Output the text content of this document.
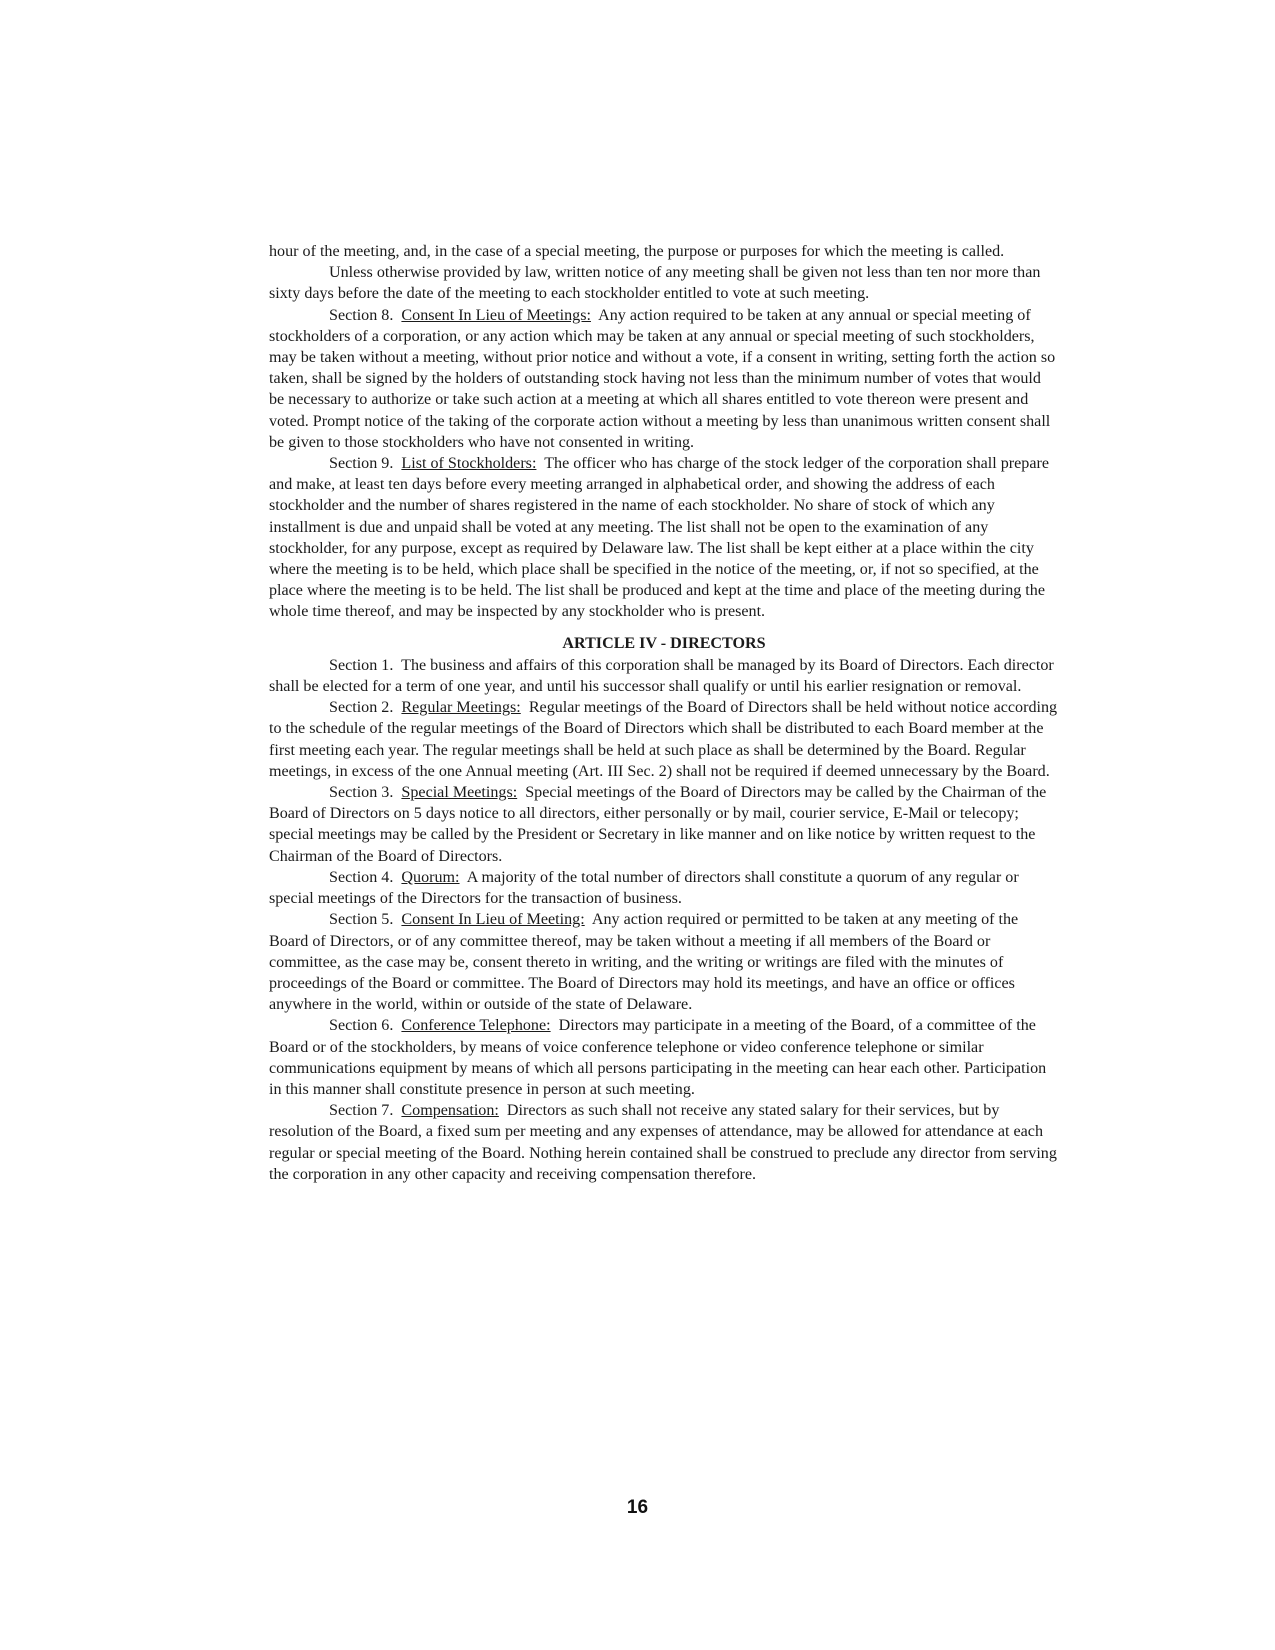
hour of the meeting, and, in the case of a special meeting, the purpose or purposes for which the meeting is called.

Unless otherwise provided by law, written notice of any meeting shall be given not less than ten nor more than sixty days before the date of the meeting to each stockholder entitled to vote at such meeting.

Section 8. Consent In Lieu of Meetings: Any action required to be taken at any annual or special meeting of stockholders of a corporation, or any action which may be taken at any annual or special meeting of such stockholders, may be taken without a meeting, without prior notice and without a vote, if a consent in writing, setting forth the action so taken, shall be signed by the holders of outstanding stock having not less than the minimum number of votes that would be necessary to authorize or take such action at a meeting at which all shares entitled to vote thereon were present and voted. Prompt notice of the taking of the corporate action without a meeting by less than unanimous written consent shall be given to those stockholders who have not consented in writing.

Section 9. List of Stockholders: The officer who has charge of the stock ledger of the corporation shall prepare and make, at least ten days before every meeting arranged in alphabetical order, and showing the address of each stockholder and the number of shares registered in the name of each stockholder. No share of stock of which any installment is due and unpaid shall be voted at any meeting. The list shall not be open to the examination of any stockholder, for any purpose, except as required by Delaware law. The list shall be kept either at a place within the city where the meeting is to be held, which place shall be specified in the notice of the meeting, or, if not so specified, at the place where the meeting is to be held. The list shall be produced and kept at the time and place of the meeting during the whole time thereof, and may be inspected by any stockholder who is present.

ARTICLE IV - DIRECTORS

Section 1. The business and affairs of this corporation shall be managed by its Board of Directors. Each director shall be elected for a term of one year, and until his successor shall qualify or until his earlier resignation or removal.

Section 2. Regular Meetings: Regular meetings of the Board of Directors shall be held without notice according to the schedule of the regular meetings of the Board of Directors which shall be distributed to each Board member at the first meeting each year. The regular meetings shall be held at such place as shall be determined by the Board. Regular meetings, in excess of the one Annual meeting (Art. III Sec. 2) shall not be required if deemed unnecessary by the Board.

Section 3. Special Meetings: Special meetings of the Board of Directors may be called by the Chairman of the Board of Directors on 5 days notice to all directors, either personally or by mail, courier service, E-Mail or telecopy; special meetings may be called by the President or Secretary in like manner and on like notice by written request to the Chairman of the Board of Directors.

Section 4. Quorum: A majority of the total number of directors shall constitute a quorum of any regular or special meetings of the Directors for the transaction of business.

Section 5. Consent In Lieu of Meeting: Any action required or permitted to be taken at any meeting of the Board of Directors, or of any committee thereof, may be taken without a meeting if all members of the Board or committee, as the case may be, consent thereto in writing, and the writing or writings are filed with the minutes of proceedings of the Board or committee. The Board of Directors may hold its meetings, and have an office or offices anywhere in the world, within or outside of the state of Delaware.

Section 6. Conference Telephone: Directors may participate in a meeting of the Board, of a committee of the Board or of the stockholders, by means of voice conference telephone or video conference telephone or similar communications equipment by means of which all persons participating in the meeting can hear each other. Participation in this manner shall constitute presence in person at such meeting.

Section 7. Compensation: Directors as such shall not receive any stated salary for their services, but by resolution of the Board, a fixed sum per meeting and any expenses of attendance, may be allowed for attendance at each regular or special meeting of the Board. Nothing herein contained shall be construed to preclude any director from serving the corporation in any other capacity and receiving compensation therefore.

16
